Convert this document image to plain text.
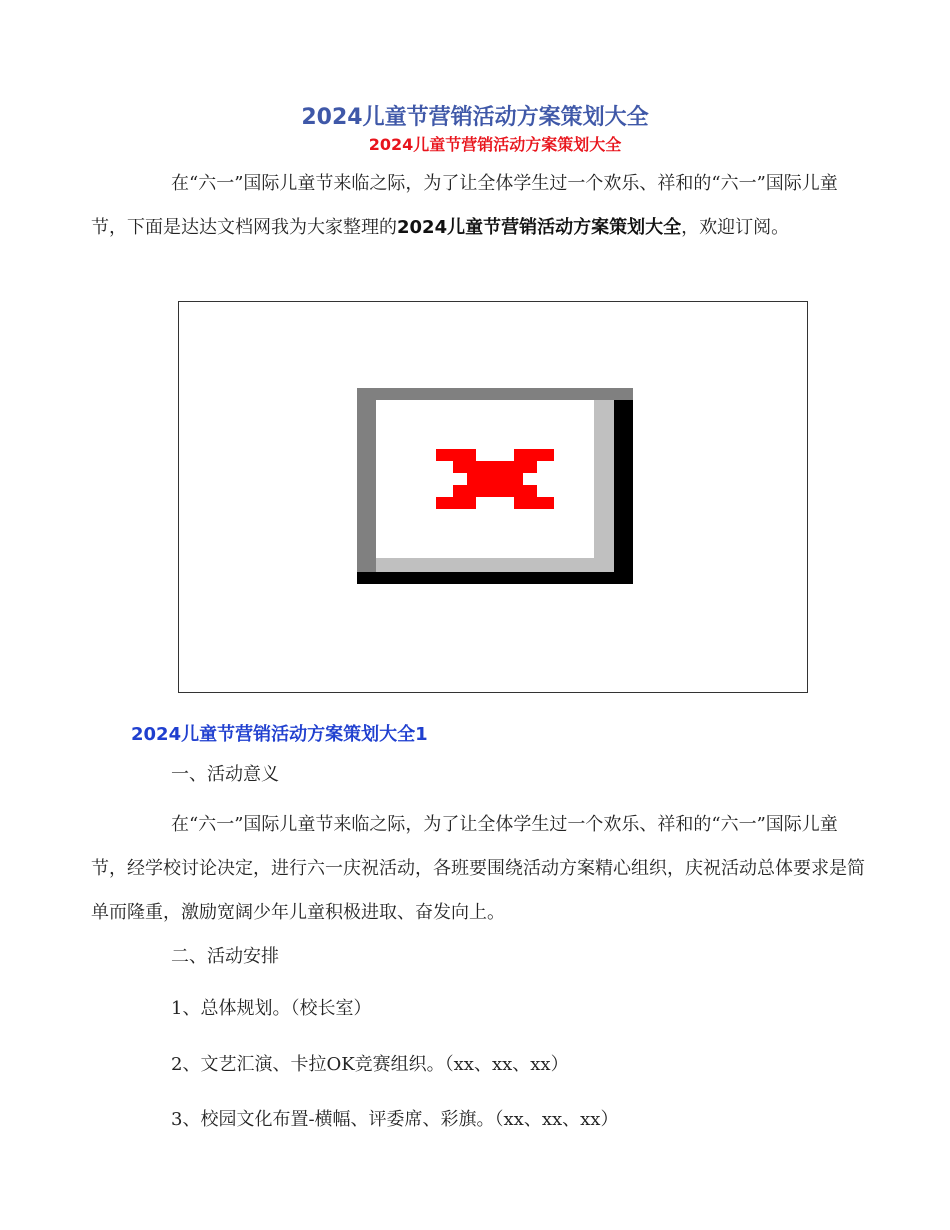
2024儿童节营销活动方案策划大全
2024儿童节营销活动方案策划大全
在“六一”国际儿童节来临之际，为了让全体学生过一个欢乐、祥和的“六一”国际儿童节，下面是达达文档网我为大家整理的2024儿童节营销活动方案策划大全，欢迎订阅。
2024儿童节营销活动方案策划大全1
一、活动意义
在“六一”国际儿童节来临之际，为了让全体学生过一个欢乐、祥和的“六一”国际儿童节，经学校讨论决定，进行六一庆祝活动，各班要围绕活动方案精心组织，庆祝活动总体要求是简单而隆重，激励宽阔少年儿童积极进取、奋发向上。
二、活动安排
1、总体规划。（校长室）
2、文艺汇演、卡拉OK竞赛组织。（xx、xx、xx）
3、校园文化布置-横幅、评委席、彩旗。（xx、xx、xx）
